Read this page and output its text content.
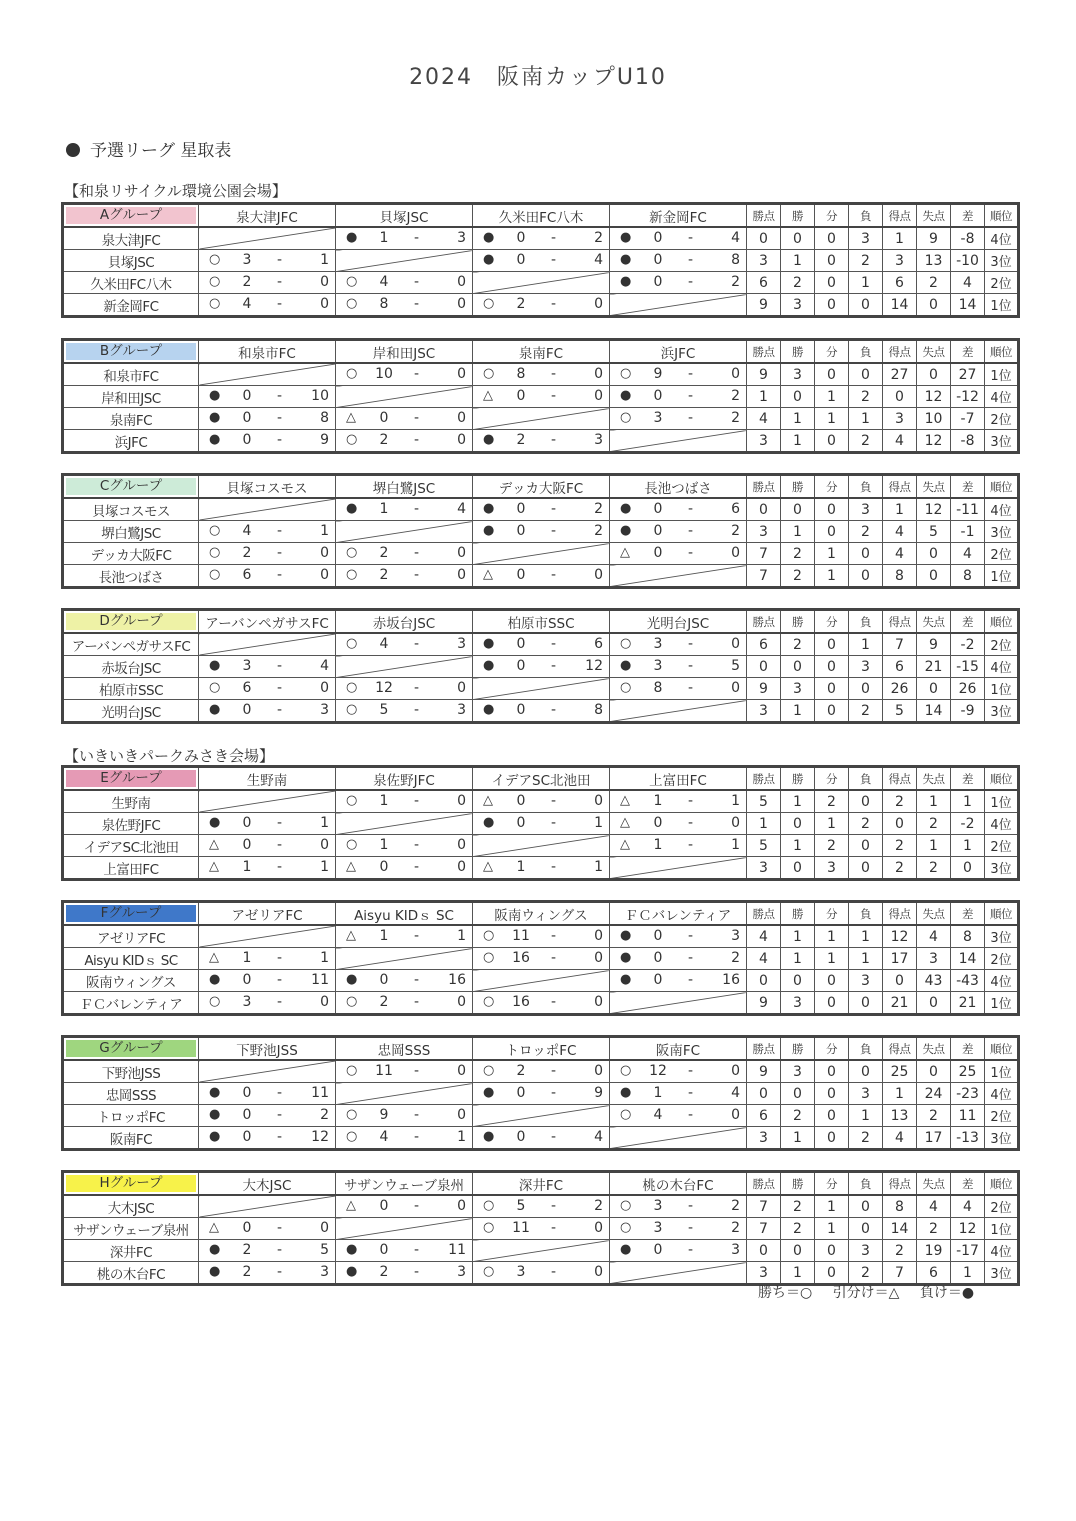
2024　阪南カップU10
予選リーグ 星取表
【和泉リサイクル環境公園会場】
【いきいきパークみさき会場】
Aグループ	泉大津JFC	貝塚JSC	久米田FC八木	新金岡FC	勝点	勝	分	負	得点	失点	差	順位
泉大津JFC		● 1 - 3	● 0 - 2	● 0 - 4	0	0	0	3	1	9	-8	4位
貝塚JSC	○ 3 - 1		● 0 - 4	● 0 - 8	3	1	0	2	3	13	-10	3位
久米田FC八木	○ 2 - 0	○ 4 - 0		● 0 - 2	6	2	0	1	6	2	4	2位
新金岡FC	○ 4 - 0	○ 8 - 0	○ 2 - 0		9	3	0	0	14	0	14	1位
Bグループ	和泉市FC	岸和田JSC	泉南FC	浜JFC	勝点	勝	分	負	得点	失点	差	順位
和泉市FC		○ 10 - 0	○ 8 - 0	○ 9 - 0	9	3	0	0	27	0	27	1位
岸和田JSC	● 0 - 10		△ 0 - 0	● 0 - 2	1	0	1	2	0	12	-12	4位
泉南FC	● 0 - 8	△ 0 - 0		○ 3 - 2	4	1	1	1	3	10	-7	2位
浜JFC	● 0 - 9	○ 2 - 0	● 2 - 3		3	1	0	2	4	12	-8	3位
Cグループ	貝塚コスモス	堺白鷺JSC	デッカ大阪FC	長池つばさ	勝点	勝	分	負	得点	失点	差	順位
貝塚コスモス		● 1 - 4	● 0 - 2	● 0 - 6	0	0	0	3	1	12	-11	4位
堺白鷺JSC	○ 4 - 1		● 0 - 2	● 0 - 2	3	1	0	2	4	5	-1	3位
デッカ大阪FC	○ 2 - 0	○ 2 - 0		△ 0 - 0	7	2	1	0	4	0	4	2位
長池つばさ	○ 6 - 0	○ 2 - 0	△ 0 - 0		7	2	1	0	8	0	8	1位
Dグループ	アーバンペガサスFC	赤坂台JSC	柏原市SSC	光明台JSC	勝点	勝	分	負	得点	失点	差	順位
アーバンペガサスFC		○ 4 - 3	● 0 - 6	○ 3 - 0	6	2	0	1	7	9	-2	2位
赤坂台JSC	● 3 - 4		● 0 - 12	● 3 - 5	0	0	0	3	6	21	-15	4位
柏原市SSC	○ 6 - 0	○ 12 - 0		○ 8 - 0	9	3	0	0	26	0	26	1位
光明台JSC	● 0 - 3	○ 5 - 3	● 0 - 8		3	1	0	2	5	14	-9	3位
Eグループ	生野南	泉佐野JFC	イデアSC北池田	上富田FC	勝点	勝	分	負	得点	失点	差	順位
生野南		○ 1 - 0	△ 0 - 0	△ 1 - 1	5	1	2	0	2	1	1	1位
泉佐野JFC	● 0 - 1		● 0 - 1	△ 0 - 0	1	0	1	2	0	2	-2	4位
イデアSC北池田	△ 0 - 0	○ 1 - 0		△ 1 - 1	5	1	2	0	2	1	1	2位
上富田FC	△ 1 - 1	△ 0 - 0	△ 1 - 1		3	0	3	0	2	2	0	3位
Fグループ	アゼリアFC	Aisyu KIDｓ SC	阪南ウィングス	ＦＣバレンティア	勝点	勝	分	負	得点	失点	差	順位
アゼリアFC		△ 1 - 1	○ 11 - 0	● 0 - 3	4	1	1	1	12	4	8	3位
Aisyu KIDｓ SC	△ 1 - 1		○ 16 - 0	● 0 - 2	4	1	1	1	17	3	14	2位
阪南ウィングス	● 0 - 11	● 0 - 16		● 0 - 16	0	0	0	3	0	43	-43	4位
ＦＣバレンティア	○ 3 - 0	○ 2 - 0	○ 16 - 0		9	3	0	0	21	0	21	1位
Gグループ	下野池JSS	忠岡SSS	トロッポFC	阪南FC	勝点	勝	分	負	得点	失点	差	順位
下野池JSS		○ 11 - 0	○ 2 - 0	○ 12 - 0	9	3	0	0	25	0	25	1位
忠岡SSS	● 0 - 11		● 0 - 9	● 1 - 4	0	0	0	3	1	24	-23	4位
トロッポFC	● 0 - 2	○ 9 - 0		○ 4 - 0	6	2	0	1	13	2	11	2位
阪南FC	● 0 - 12	○ 4 - 1	● 0 - 4		3	1	0	2	4	17	-13	3位
Hグループ	大木JSC	サザンウェーブ泉州	深井FC	桃の木台FC	勝点	勝	分	負	得点	失点	差	順位
大木JSC		△ 0 - 0	○ 5 - 2	○ 3 - 2	7	2	1	0	8	4	4	2位
サザンウェーブ泉州	△ 0 - 0		○ 11 - 0	○ 3 - 2	7	2	1	0	14	2	12	1位
深井FC	● 2 - 5	● 0 - 11		● 0 - 3	0	0	0	3	2	19	-17	4位
桃の木台FC	● 2 - 3	● 2 - 3	○ 3 - 0		3	1	0	2	7	6	1	3位
勝ち＝○ 引分け＝△ 負け＝●
